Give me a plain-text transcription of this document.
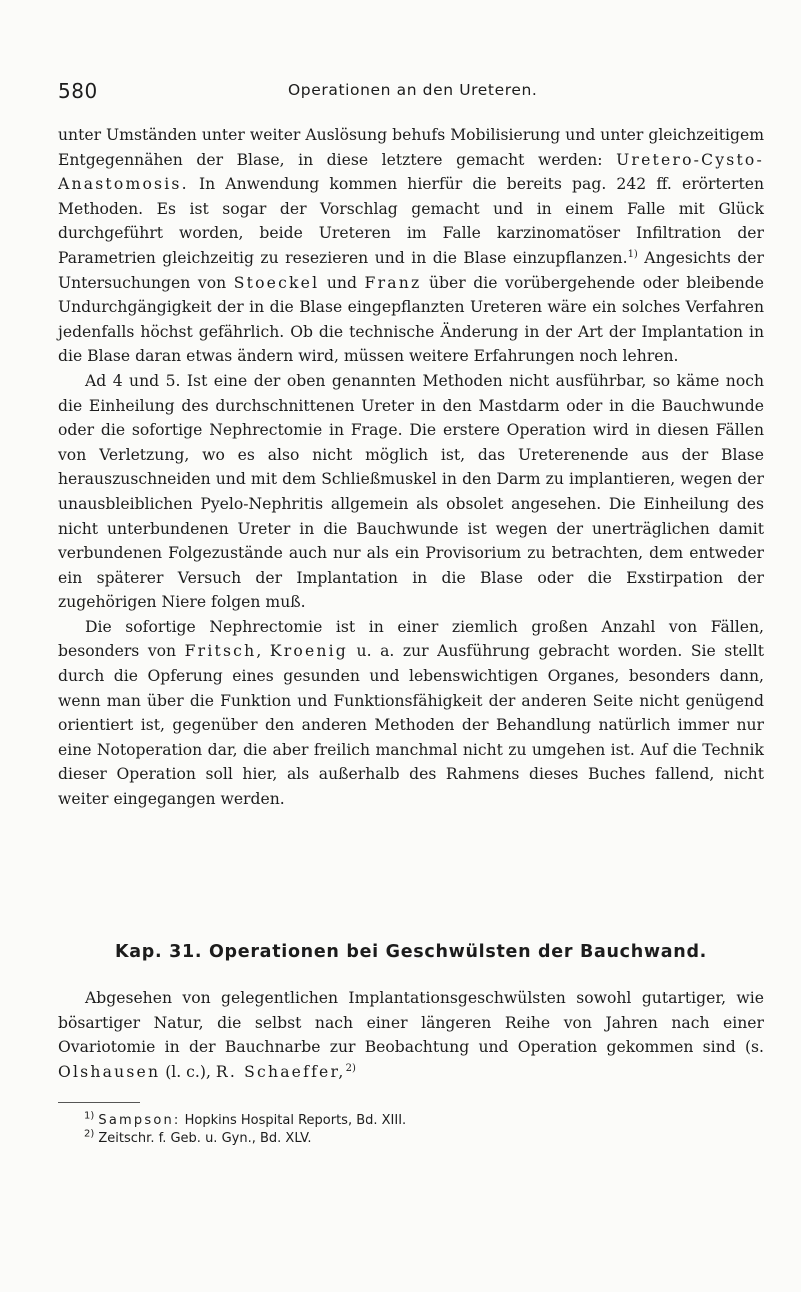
580	Operationen an den Ureteren.

unter Umständen unter weiter Auslösung behufs Mobilisierung und unter gleichzeitigem Entgegennähen der Blase, in diese letztere gemacht werden: Uretero-Cysto-Anastomosis. In Anwendung kommen hierfür die bereits pag. 242 ff. erörterten Methoden. Es ist sogar der Vorschlag gemacht und in einem Falle mit Glück durchgeführt worden, beide Ureteren im Falle karzinomatöser Infiltration der Parametrien gleichzeitig zu resezieren und in die Blase einzupflanzen.$^{1)}$ Angesichts der Untersuchungen von Stoeckel und Franz über die vorübergehende oder bleibende Undurchgängigkeit der in die Blase eingepflanzten Ureteren wäre ein solches Verfahren jedenfalls höchst gefährlich. Ob die technische Änderung in der Art der Implantation in die Blase daran etwas ändern wird, müssen weitere Erfahrungen noch lehren.

Ad 4 und 5. Ist eine der oben genannten Methoden nicht ausführbar, so käme noch die Einheilung des durchschnittenen Ureter in den Mastdarm oder in die Bauchwunde oder die sofortige Nephrectomie in Frage. Die erstere Operation wird in diesen Fällen von Verletzung, wo es also nicht möglich ist, das Ureterenende aus der Blase herauszuschneiden und mit dem Schließmuskel in den Darm zu implantieren, wegen der unausbleiblichen Pyelo-Nephritis allgemein als obsolet angesehen. Die Einheilung des nicht unterbundenen Ureter in die Bauchwunde ist wegen der unerträglichen damit verbundenen Folgezustände auch nur als ein Provisorium zu betrachten, dem entweder ein späterer Versuch der Implantation in die Blase oder die Exstirpation der zugehörigen Niere folgen muß.

Die sofortige Nephrectomie ist in einer ziemlich großen Anzahl von Fällen, besonders von Fritsch, Kroenig u. a. zur Ausführung gebracht worden. Sie stellt durch die Opferung eines gesunden und lebenswichtigen Organes, besonders dann, wenn man über die Funktion und Funktionsfähigkeit der anderen Seite nicht genügend orientiert ist, gegenüber den anderen Methoden der Behandlung natürlich immer nur eine Notoperation dar, die aber freilich manchmal nicht zu umgehen ist. Auf die Technik dieser Operation soll hier, als außerhalb des Rahmens dieses Buches fallend, nicht weiter eingegangen werden.

Kap. 31. Operationen bei Geschwülsten der Bauchwand.

Abgesehen von gelegentlichen Implantationsgeschwülsten sowohl gutartiger, wie bösartiger Natur, die selbst nach einer längeren Reihe von Jahren nach einer Ovariotomie in der Bauchnarbe zur Beobachtung und Operation gekommen sind (s. Olshausen (l. c.), R. Schaeffer,$^{2)}$

$^{1)}$ Sampson: Hopkins Hospital Reports, Bd. XIII.
$^{2)}$ Zeitschr. f. Geb. u. Gyn., Bd. XLV.
